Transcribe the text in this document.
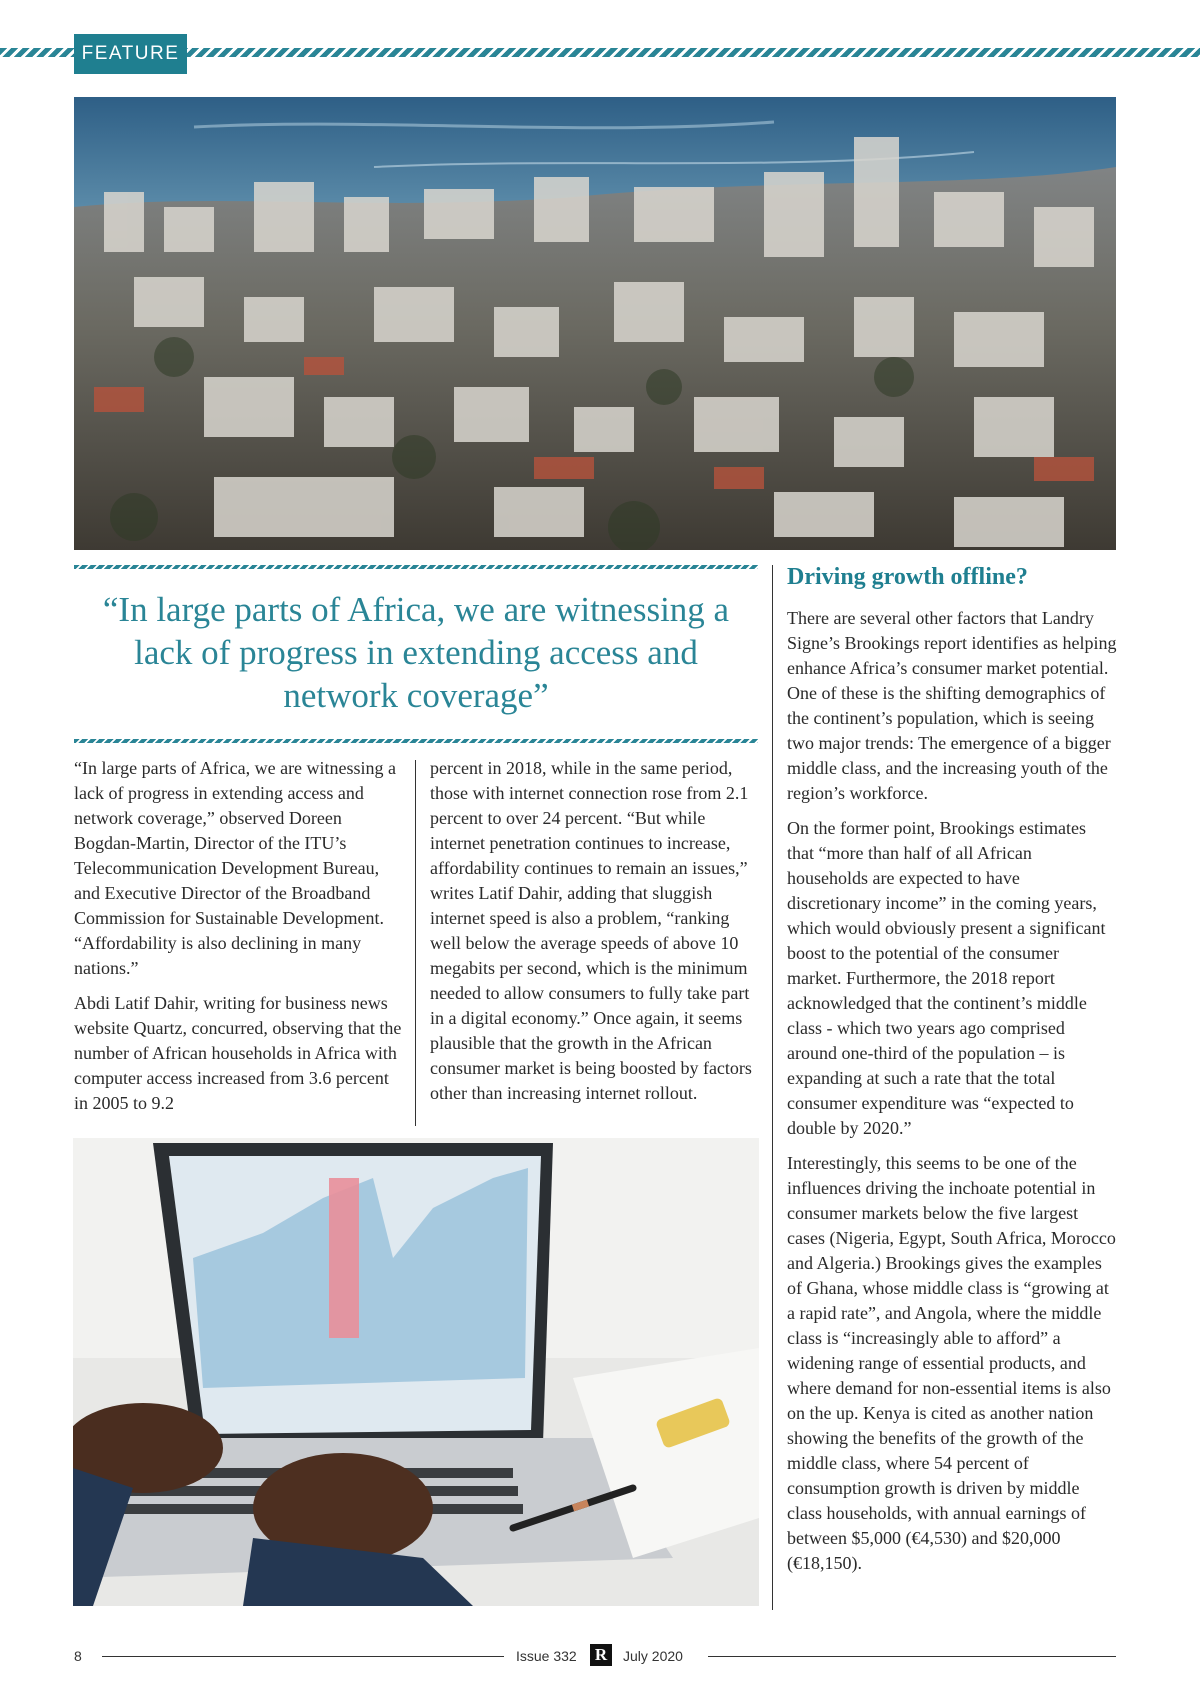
FEATURE
“In large parts of Africa, we are witnessing a lack of progress in extending access and network coverage”

“In large parts of Africa, we are witnessing a lack of progress in extending access and network coverage,” observed Doreen Bogdan-Martin, Director of the ITU’s Telecommunication Development Bureau, and Executive Director of the Broadband Commission for Sustainable Development. “Affordability is also declining in many nations.”

Abdi Latif Dahir, writing for business news website Quartz, concurred, observing that the number of African households in Africa with computer access increased from 3.6 percent in 2005 to 9.2

percent in 2018, while in the same period, those with internet connection rose from 2.1 percent to over 24 percent. “But while internet penetration continues to increase, affordability continues to remain an issues,” writes Latif Dahir, adding that sluggish internet speed is also a problem, “ranking well below the average speeds of above 10 megabits per second, which is the minimum needed to allow consumers to fully take part in a digital economy.” Once again, it seems plausible that the growth in the African consumer market is being boosted by factors other than increasing internet rollout.

Driving growth offline?

There are several other factors that Landry Signe’s Brookings report identifies as helping enhance Africa’s consumer market potential. One of these is the shifting demographics of the continent’s population, which is seeing two major trends: The emergence of a bigger middle class, and the increasing youth of the region’s workforce.

On the former point, Brookings estimates that “more than half of all African households are expected to have discretionary income” in the coming years, which would obviously present a significant boost to the potential of the consumer market. Furthermore, the 2018 report acknowledged that the continent’s middle class - which two years ago comprised around one-third of the population – is expanding at such a rate that the total consumer expenditure was “expected to double by 2020.”

Interestingly, this seems to be one of the influences driving the inchoate potential in consumer markets below the five largest cases (Nigeria, Egypt, South Africa, Morocco and Algeria.) Brookings gives the examples of Ghana, whose middle class is “growing at a rapid rate”, and Angola, where the middle class is “increasingly able to afford” a widening range of essential products, and where demand for non-essential items is also on the up. Kenya is cited as another nation showing the benefits of the growth of the middle class, where 54 percent of consumption growth is driven by middle class households, with annual earnings of between $5,000 (€4,530) and $20,000 (€18,150).

8	Issue 332 R	July 2020
